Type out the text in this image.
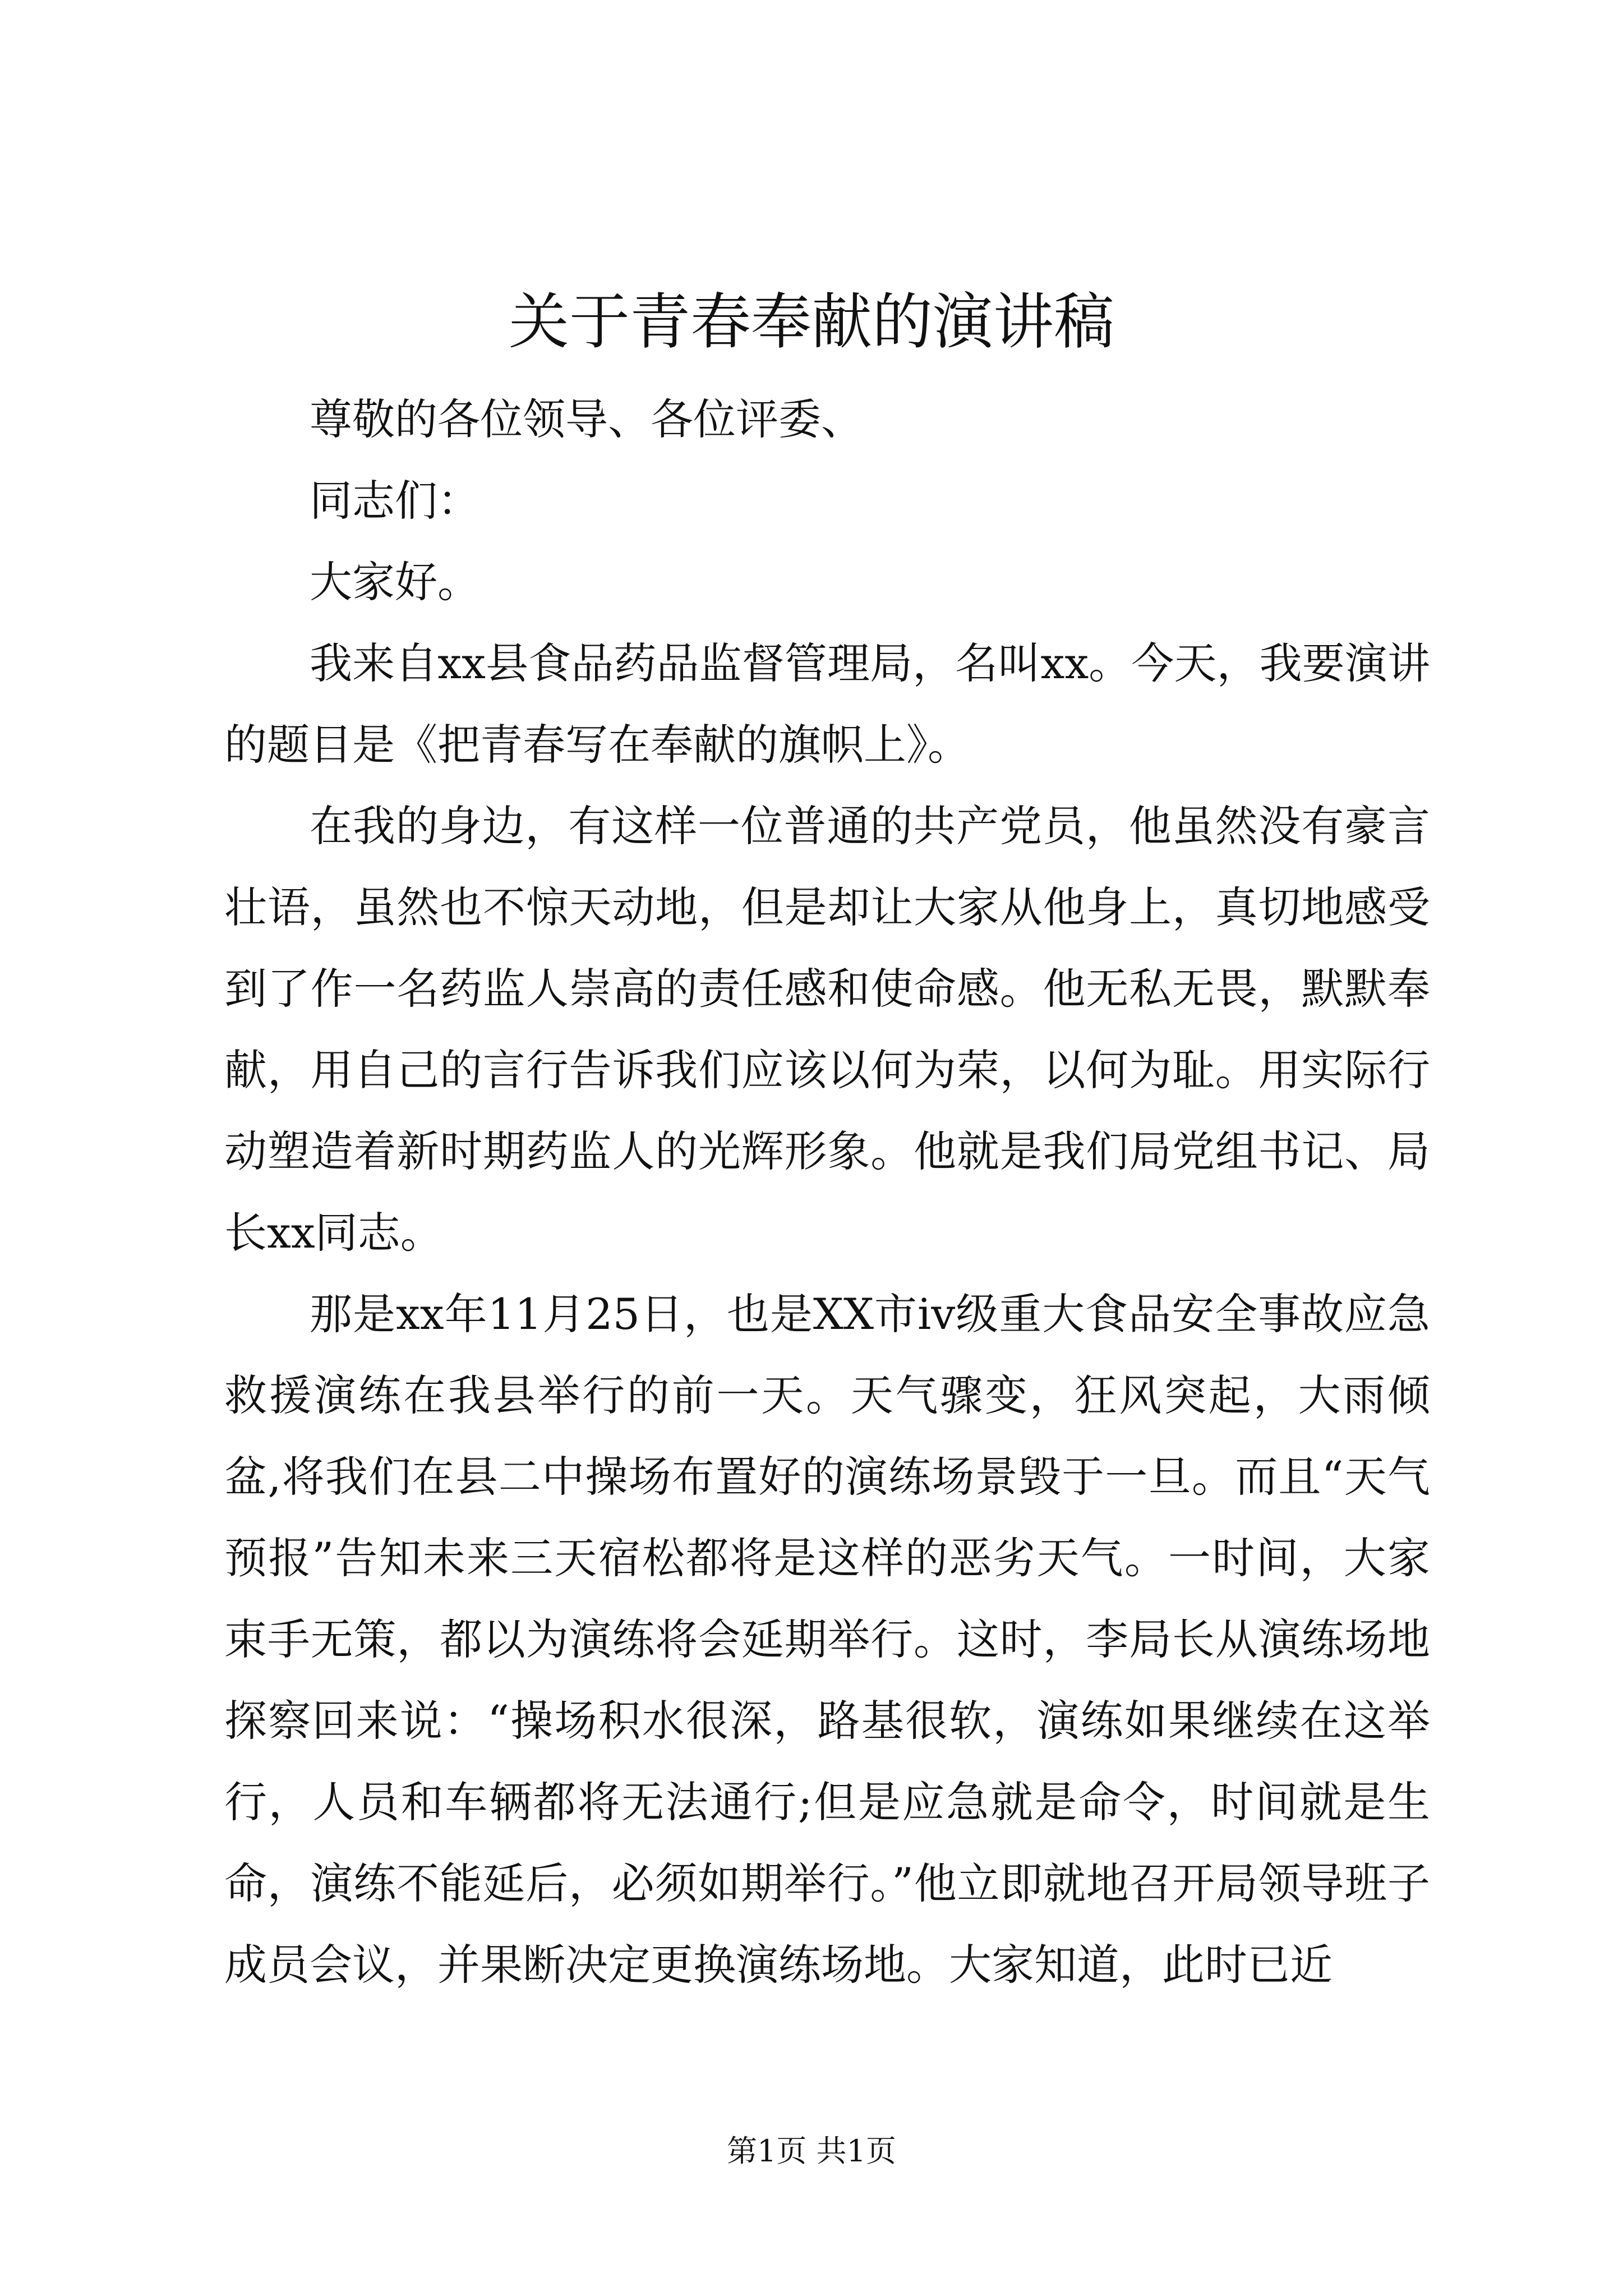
关于青春奉献的演讲稿

尊敬的各位领导、各位评委、

同志们：

大家好。

我来自xx县食品药品监督管理局，名叫xx。今天，我要演讲的题目是《把青春写在奉献的旗帜上》。

在我的身边，有这样一位普通的共产党员，他虽然没有豪言壮语，虽然也不惊天动地，但是却让大家从他身上，真切地感受到了作一名药监人崇高的责任感和使命感。他无私无畏，默默奉献，用自己的言行告诉我们应该以何为荣，以何为耻。用实际行动塑造着新时期药监人的光辉形象。他就是我们局党组书记、局长xx同志。

那是xx年11月25日，也是XX市iv级重大食品安全事故应急救援演练在我县举行的前一天。天气骤变，狂风突起，大雨倾盆,将我们在县二中操场布置好的演练场景毁于一旦。而且“天气预报”告知未来三天宿松都将是这样的恶劣天气。一时间，大家束手无策，都以为演练将会延期举行。这时，李局长从演练场地探察回来说：“操场积水很深，路基很软，演练如果继续在这举行，人员和车辆都将无法通行;但是应急就是命令，时间就是生命，演练不能延后，必须如期举行。”他立即就地召开局领导班子成员会议，并果断决定更换演练场地。大家知道，此时已近

第1页 共1页
